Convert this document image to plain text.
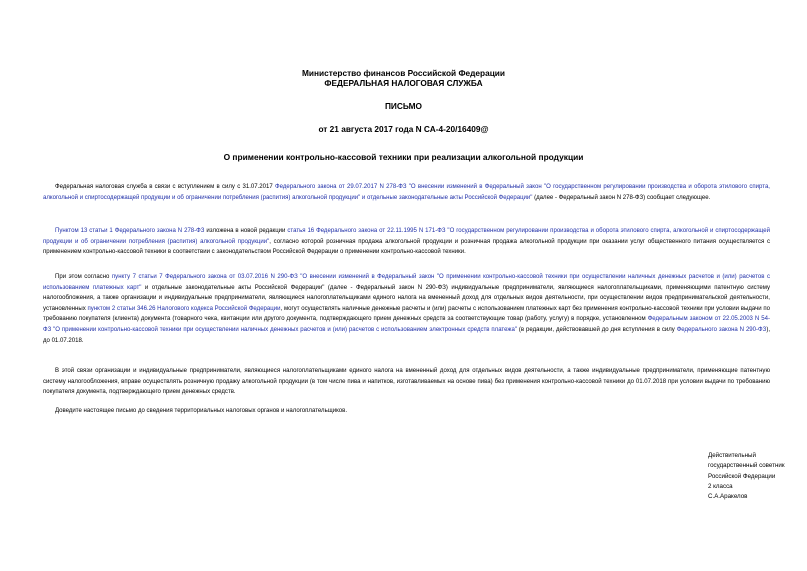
Министерство финансов Российской Федерации
ФЕДЕРАЛЬНАЯ НАЛОГОВАЯ СЛУЖБА
ПИСЬМО
от 21 августа 2017 года N СА-4-20/16409@
О применении контрольно-кассовой техники при реализации алкогольной продукции

Федеральная налоговая служба в связи с вступлением в силу с 31.07.2017 Федерального закона от 29.07.2017 N 278-ФЗ "О внесении изменений в Федеральный закон "О государственном регулировании производства и оборота этилового спирта, алкогольной и спиртосодержащей продукции и об ограничении потребления (распития) алкогольной продукции" и отдельные законодательные акты Российской Федерации" (далее - Федеральный закон N 278-ФЗ) сообщает следующее.

Пунктом 13 статьи 1 Федерального закона N 278-ФЗ изложена в новой редакции статья 16 Федерального закона от 22.11.1995 N 171-ФЗ "О государственном регулировании производства и оборота этилового спирта, алкогольной и спиртосодержащей продукции и об ограничении потребления (распития) алкогольной продукции", согласно которой розничная продажа алкогольной продукции и розничная продажа алкогольной продукции при оказании услуг общественного питания осуществляется с применением контрольно-кассовой техники в соответствии с законодательством Российской Федерации о применении контрольно-кассовой техники.

При этом согласно пункту 7 статьи 7 Федерального закона от 03.07.2016 N 290-ФЗ "О внесении изменений в Федеральный закон "О применении контрольно-кассовой техники при осуществлении наличных денежных расчетов и (или) расчетов с использованием платежных карт" и отдельные законодательные акты Российской Федерации" (далее - Федеральный закон N 290-ФЗ) индивидуальные предприниматели, являющиеся налогоплательщиками, применяющими патентную систему налогообложения, а также организации и индивидуальные предприниматели, являющиеся налогоплательщиками единого налога на вмененный доход для отдельных видов деятельности, при осуществлении видов предпринимательской деятельности, установленных пунктом 2 статьи 346.26 Налогового кодекса Российской Федерации, могут осуществлять наличные денежные расчеты и (или) расчеты с использованием платежных карт без применения контрольно-кассовой техники при условии выдачи по требованию покупателя (клиента) документа (товарного чека, квитанции или другого документа, подтверждающего прием денежных средств за соответствующие товар (работу, услугу) в порядке, установленном Федеральным законом от 22.05.2003 N 54-ФЗ "О применении контрольно-кассовой техники при осуществлении наличных денежных расчетов и (или) расчетов с использованием электронных средств платежа" (в редакции, действовавшей до дня вступления в силу Федерального закона N 290-ФЗ), до 01.07.2018.

В этой связи организации и индивидуальные предприниматели, являющиеся налогоплательщиками единого налога на вмененный доход для отдельных видов деятельности, а также индивидуальные предприниматели, применяющие патентную систему налогообложения, вправе осуществлять розничную продажу алкогольной продукции (в том числе пива и напитков, изготавливаемых на основе пива) без применения контрольно-кассовой техники до 01.07.2018 при условии выдачи по требованию покупателя документа, подтверждающего прием денежных средств.

Доведите настоящее письмо до сведения территориальных налоговых органов и налогоплательщиков.

Действительный
государственный советник
Российской Федерации
2 класса
С.А.Аракелов
